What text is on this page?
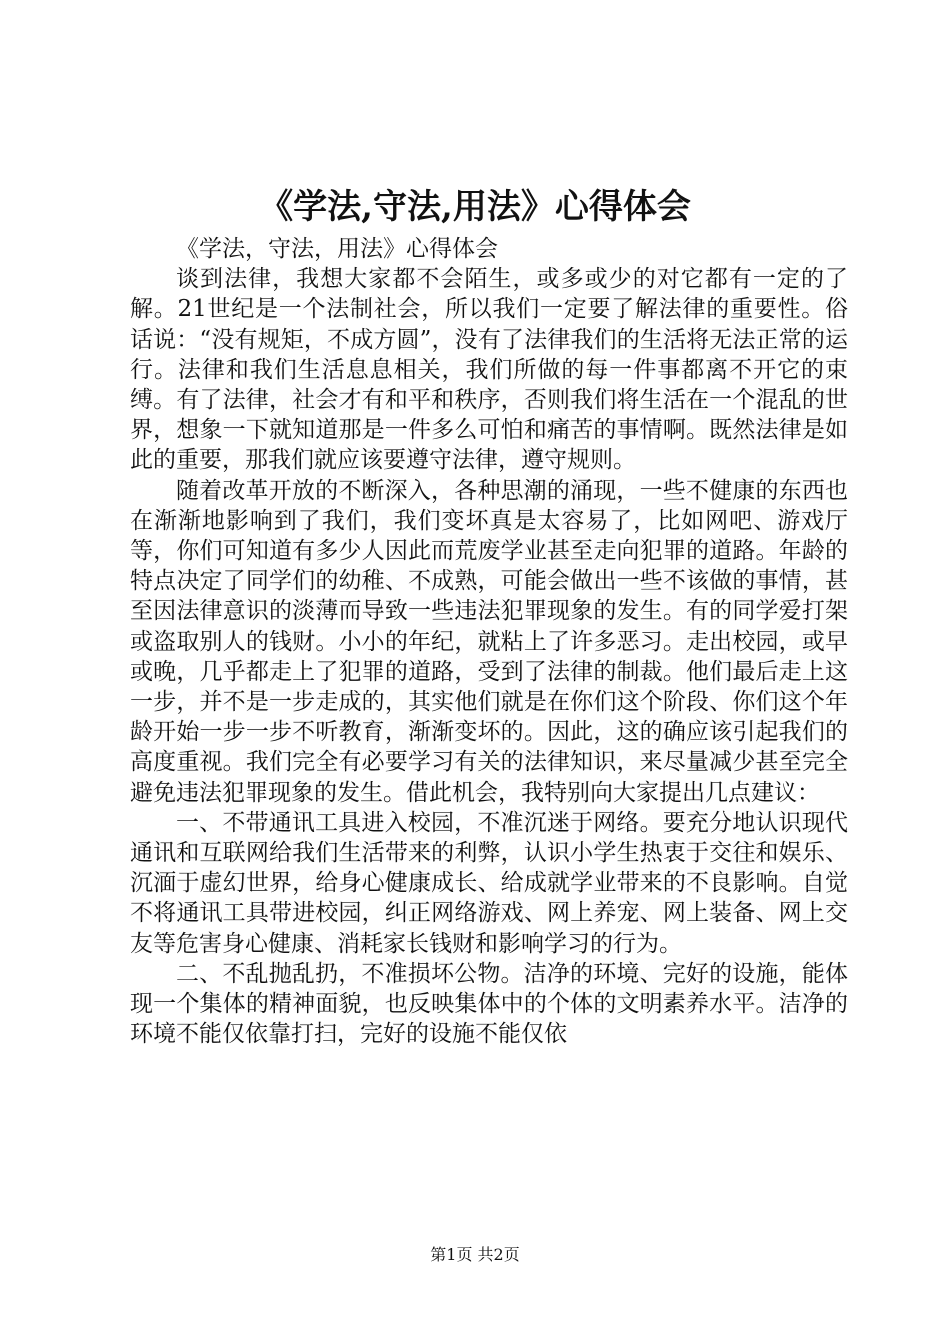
《学法,守法,用法》心得体会

《学法，守法，用法》心得体会

谈到法律，我想大家都不会陌生，或多或少的对它都有一定的了解。21世纪是一个法制社会，所以我们一定要了解法律的重要性。俗话说：“没有规矩，不成方圆”，没有了法律我们的生活将无法正常的运行。法律和我们生活息息相关，我们所做的每一件事都离不开它的束缚。有了法律，社会才有和平和秩序，否则我们将生活在一个混乱的世界，想象一下就知道那是一件多么可怕和痛苦的事情啊。既然法律是如此的重要，那我们就应该要遵守法律，遵守规则。

随着改革开放的不断深入，各种思潮的涌现，一些不健康的东西也在渐渐地影响到了我们，我们变坏真是太容易了，比如网吧、游戏厅等，你们可知道有多少人因此而荒废学业甚至走向犯罪的道路。年龄的特点决定了同学们的幼稚、不成熟，可能会做出一些不该做的事情，甚至因法律意识的淡薄而导致一些违法犯罪现象的发生。有的同学爱打架或盗取别人的钱财。小小的年纪，就粘上了许多恶习。走出校园，或早或晚，几乎都走上了犯罪的道路，受到了法律的制裁。他们最后走上这一步，并不是一步走成的，其实他们就是在你们这个阶段、你们这个年龄开始一步一步不听教育，渐渐变坏的。因此，这的确应该引起我们的高度重视。我们完全有必要学习有关的法律知识，来尽量减少甚至完全避免违法犯罪现象的发生。借此机会，我特别向大家提出几点建议：

一、不带通讯工具进入校园，不准沉迷于网络。要充分地认识现代通讯和互联网给我们生活带来的利弊，认识小学生热衷于交往和娱乐、沉湎于虚幻世界，给身心健康成长、给成就学业带来的不良影响。自觉不将通讯工具带进校园，纠正网络游戏、网上养宠、网上装备、网上交友等危害身心健康、消耗家长钱财和影响学习的行为。

二、不乱抛乱扔，不准损坏公物。洁净的环境、完好的设施，能体现一个集体的精神面貌，也反映集体中的个体的文明素养水平。洁净的环境不能仅依靠打扫，完好的设施不能仅依

第1页 共2页
